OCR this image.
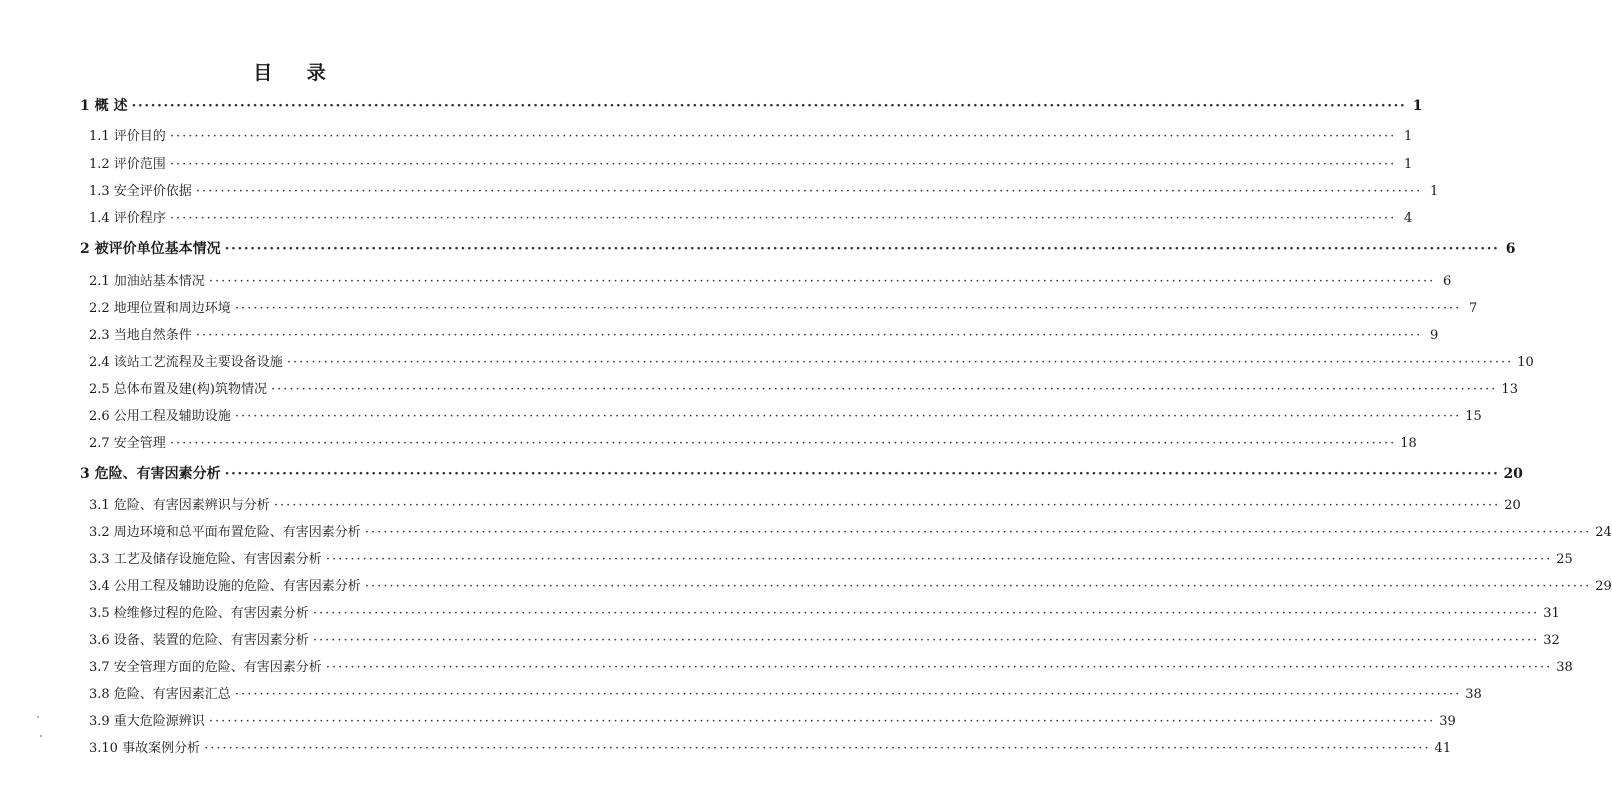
目 录
1 概 述 ········································································································································································································ 1
1.1 评价目的 ········································································································································································································ 1
1.2 评价范围 ········································································································································································································ 1
1.3 安全评价依据 ········································································································································································································ 1
1.4 评价程序 ········································································································································································································ 4
2 被评价单位基本情况 ········································································································································································································ 6
2.1 加油站基本情况 ········································································································································································································ 6
2.2 地理位置和周边环境 ········································································································································································································ 7
2.3 当地自然条件 ········································································································································································································ 9
2.4 该站工艺流程及主要设备设施 ········································································································································································································ 10
2.5 总体布置及建(构)筑物情况 ········································································································································································································ 13
2.6 公用工程及辅助设施 ········································································································································································································ 15
2.7 安全管理 ········································································································································································································ 18
3 危险、有害因素分析 ········································································································································································································ 20
3.1 危险、有害因素辨识与分析 ········································································································································································································ 20
3.2 周边环境和总平面布置危险、有害因素分析 ········································································································································································································ 24
3.3 工艺及储存设施危险、有害因素分析 ········································································································································································································ 25
3.4 公用工程及辅助设施的危险、有害因素分析 ········································································································································································································ 29
3.5 检维修过程的危险、有害因素分析 ········································································································································································································ 31
3.6 设备、装置的危险、有害因素分析 ········································································································································································································ 32
3.7 安全管理方面的危险、有害因素分析 ········································································································································································································ 38
3.8 危险、有害因素汇总 ········································································································································································································ 38
3.9 重大危险源辨识 ········································································································································································································ 39
3.10 事故案例分析 ········································································································································································································ 41
